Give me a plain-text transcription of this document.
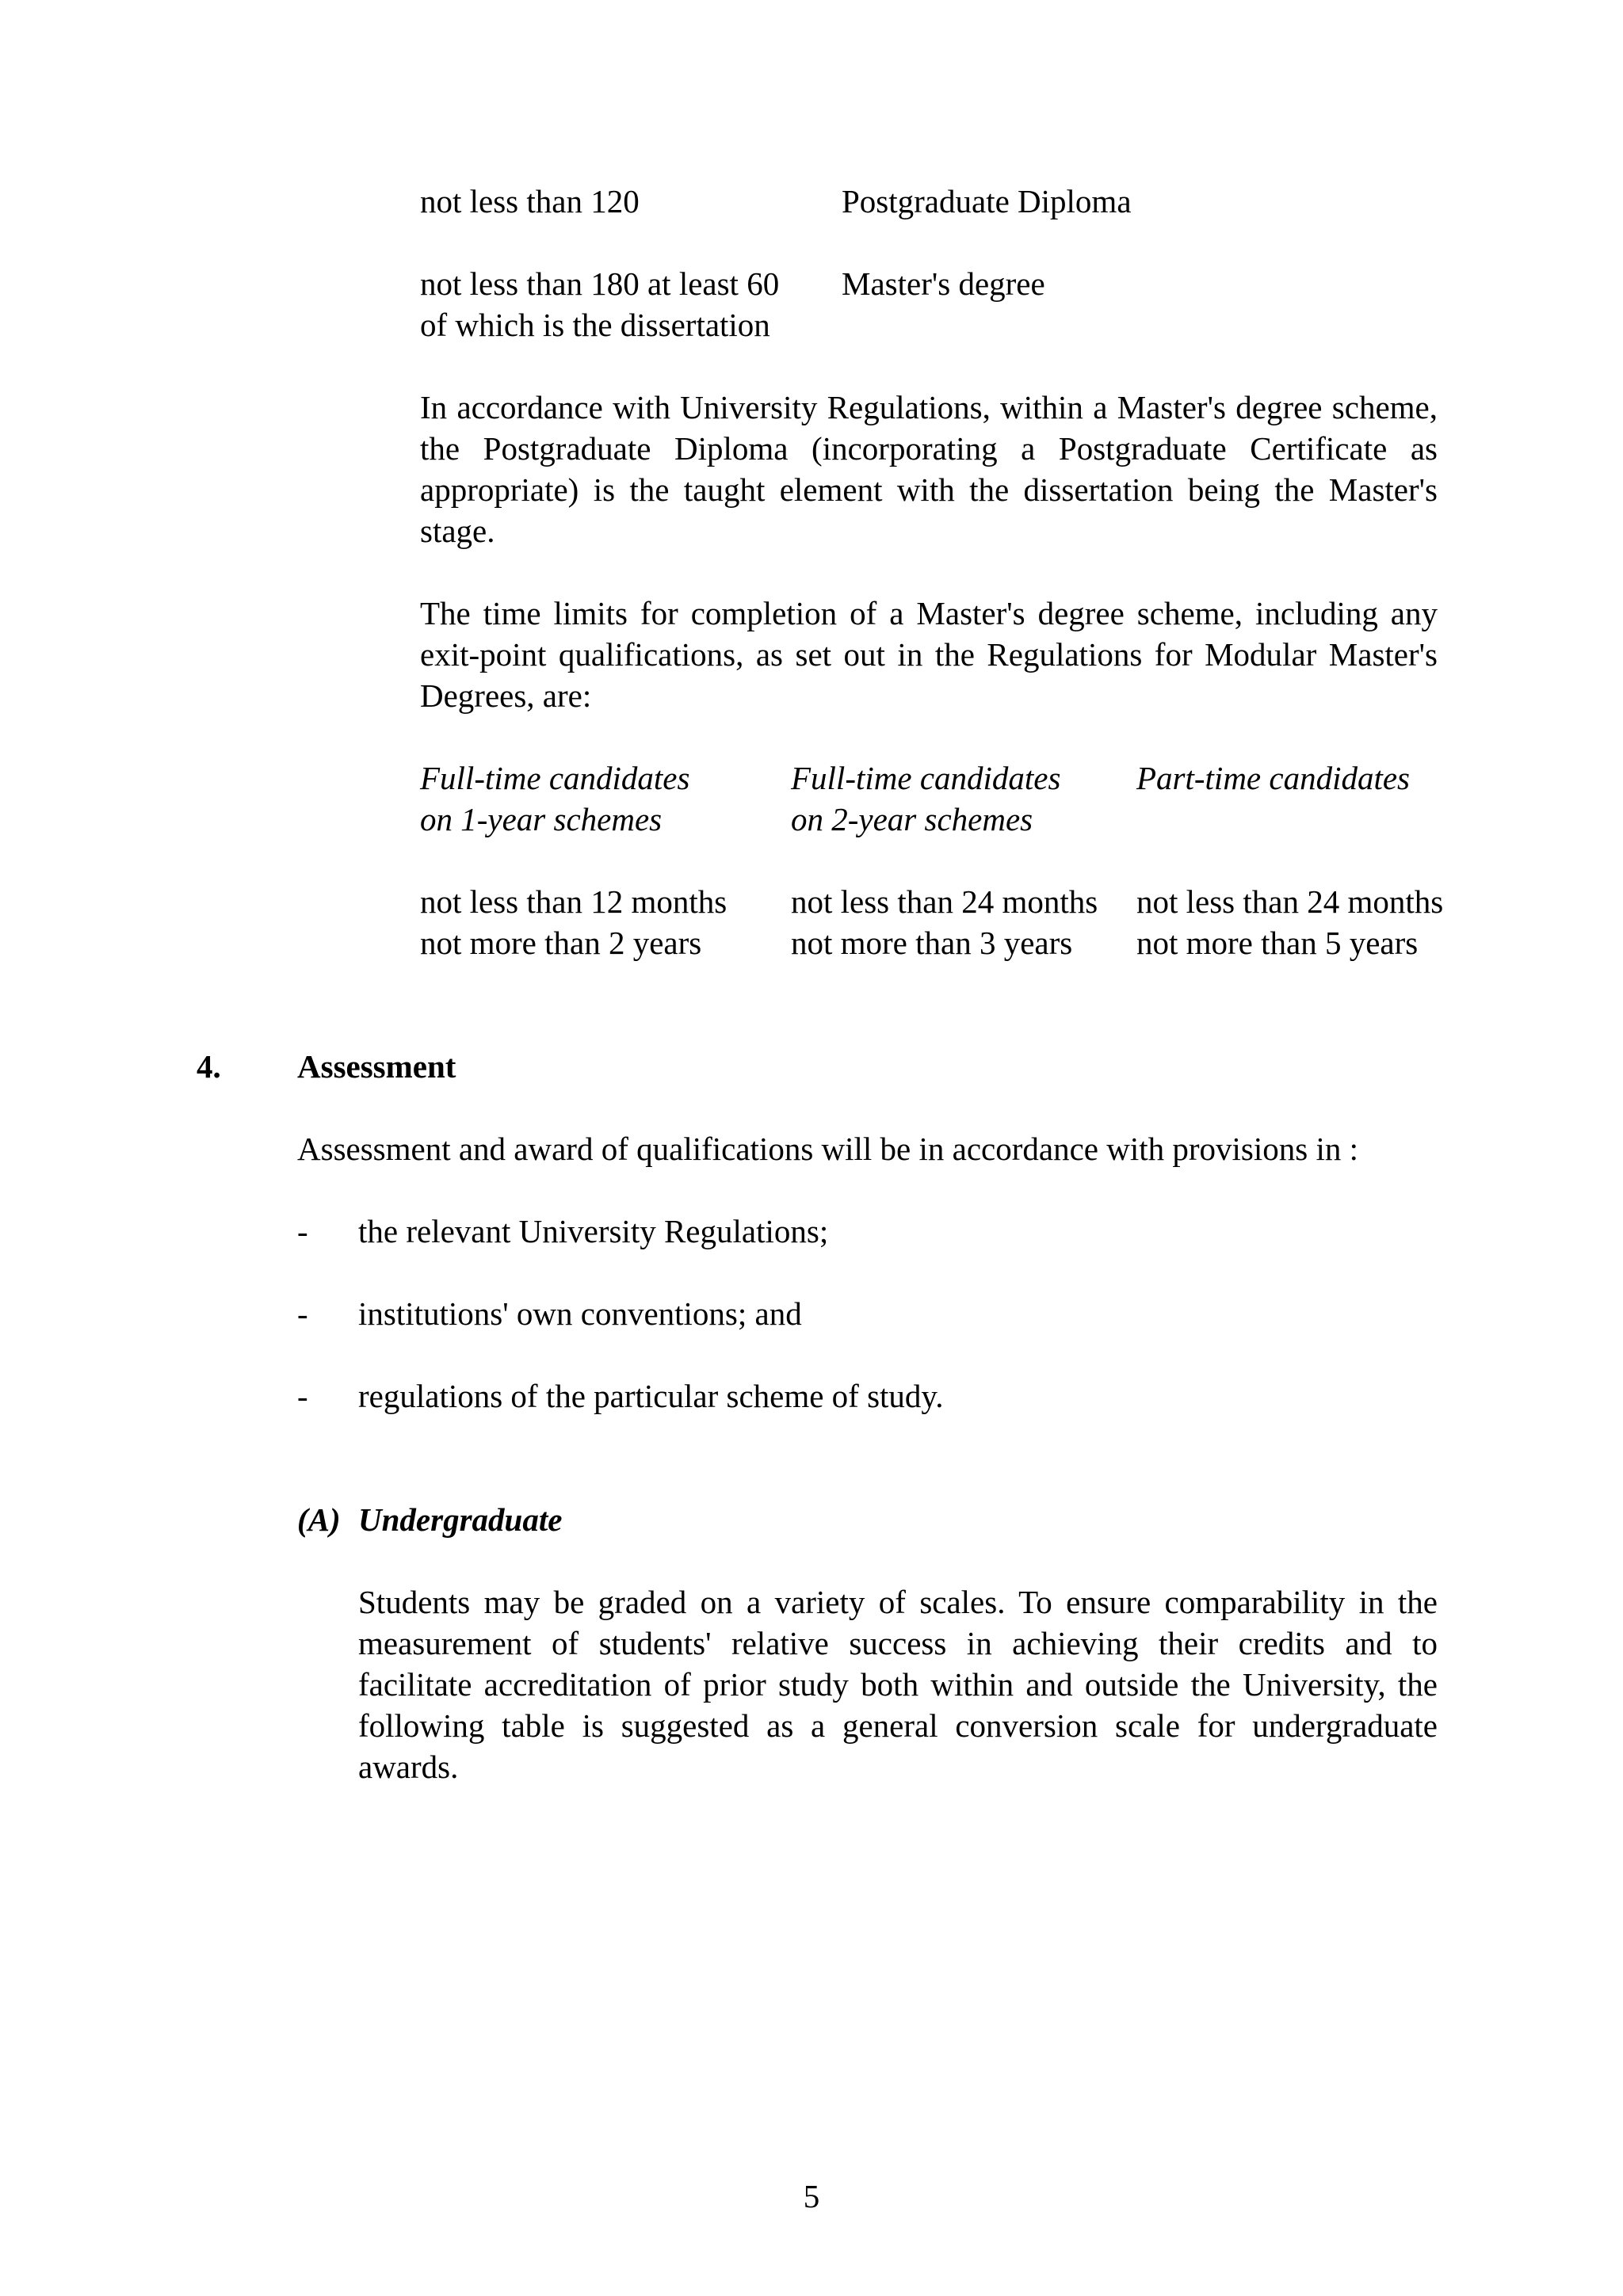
not less than 120	Postgraduate Diploma
not less than 180 at least 60
of which is the dissertation
Master's degree

In accordance with University Regulations, within a Master's degree scheme, the Postgraduate Diploma (incorporating a Postgraduate Certificate as appropriate) is the taught element with the dissertation being the Master's stage.

The time limits for completion of a Master's degree scheme, including any exit-point qualifications, as set out in the Regulations for Modular Master's Degrees, are:

Full-time candidates
on 1-year schemes
Full-time candidates
on 2-year schemes
Part-time candidates
not less than 12 months
not more than 2 years
not less than 24 months
not more than 3 years
not less than 24 months
not more than 5 years
4. Assessment

Assessment and award of qualifications will be in accordance with provisions in :

- the relevant University Regulations;
- institutions' own conventions; and
- regulations of the particular scheme of study.
(A) Undergraduate

Students may be graded on a variety of scales. To ensure comparability in the measurement of students' relative success in achieving their credits and to facilitate accreditation of prior study both within and outside the University, the following table is suggested as a general conversion scale for undergraduate awards.

5
